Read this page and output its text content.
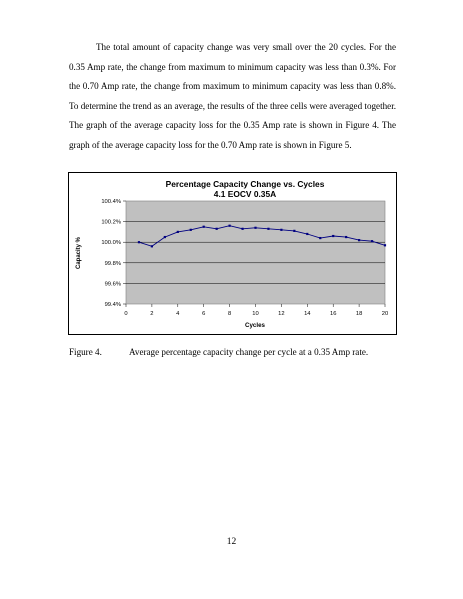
The total amount of capacity change was very small over the 20 cycles. For the 0.35 Amp rate, the change from maximum to minimum capacity was less than 0.3%. For the 0.70 Amp rate, the change from maximum to minimum capacity was less than 0.8%. To determine the trend as an average, the results of the three cells were averaged together. The graph of the average capacity loss for the 0.35 Amp rate is shown in Figure 4. The graph of the average capacity loss for the 0.70 Amp rate is shown in Figure 5.

Percentage Capacity Change vs. Cycles
4.1 EOCV 0.35A
99.4%
99.6%
99.8%
100.0%
100.2%
100.4%
0	2	4	6	8	10	12	14	16	18	20
Capacity %
Cycles
Figure 4.	Average percentage capacity change per cycle at a 0.35 Amp rate.
12
